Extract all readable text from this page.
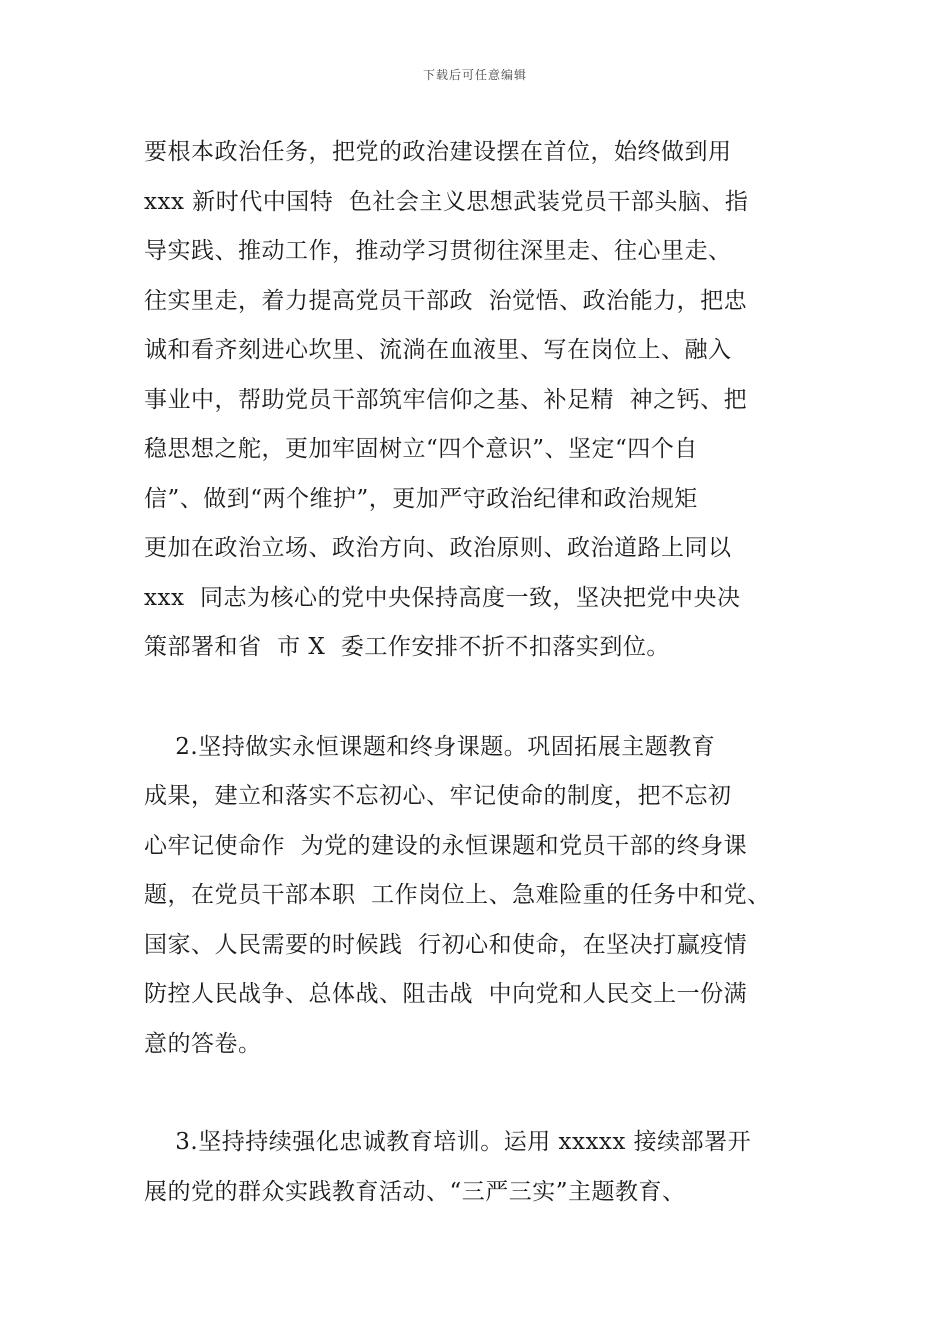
下载后可任意编辑
要根本政治任务，把党的政治建设摆在首位，始终做到用
xxx 新时代中国特  色社会主义思想武装党员干部头脑、指
导实践、推动工作，推动学习贯彻往深里走、往心里走、
往实里走，着力提高党员干部政  治觉悟、政治能力，把忠
诚和看齐刻进心坎里、流淌在血液里、写在岗位上、融入
事业中，帮助党员干部筑牢信仰之基、补足精  神之钙、把
稳思想之舵，更加牢固树立“四个意识”、坚定“四个自
信”、做到“两个维护”，更加严守政治纪律和政治规矩
更加在政治立场、政治方向、政治原则、政治道路上同以
xxx  同志为核心的党中央保持高度一致，坚决把党中央决
策部署和省  市 X  委工作安排不折不扣落实到位。
2.坚持做实永恒课题和终身课题。巩固拓展主题教育
成果，建立和落实不忘初心、牢记使命的制度，把不忘初
心牢记使命作  为党的建设的永恒课题和党员干部的终身课
题，在党员干部本职  工作岗位上、急难险重的任务中和党、
国家、人民需要的时候践  行初心和使命，在坚决打赢疫情
防控人民战争、总体战、阻击战  中向党和人民交上一份满
意的答卷。
3.坚持持续强化忠诚教育培训。运用 xxxxx 接续部署开
展的党的群众实践教育活动、“三严三实”主题教育、
